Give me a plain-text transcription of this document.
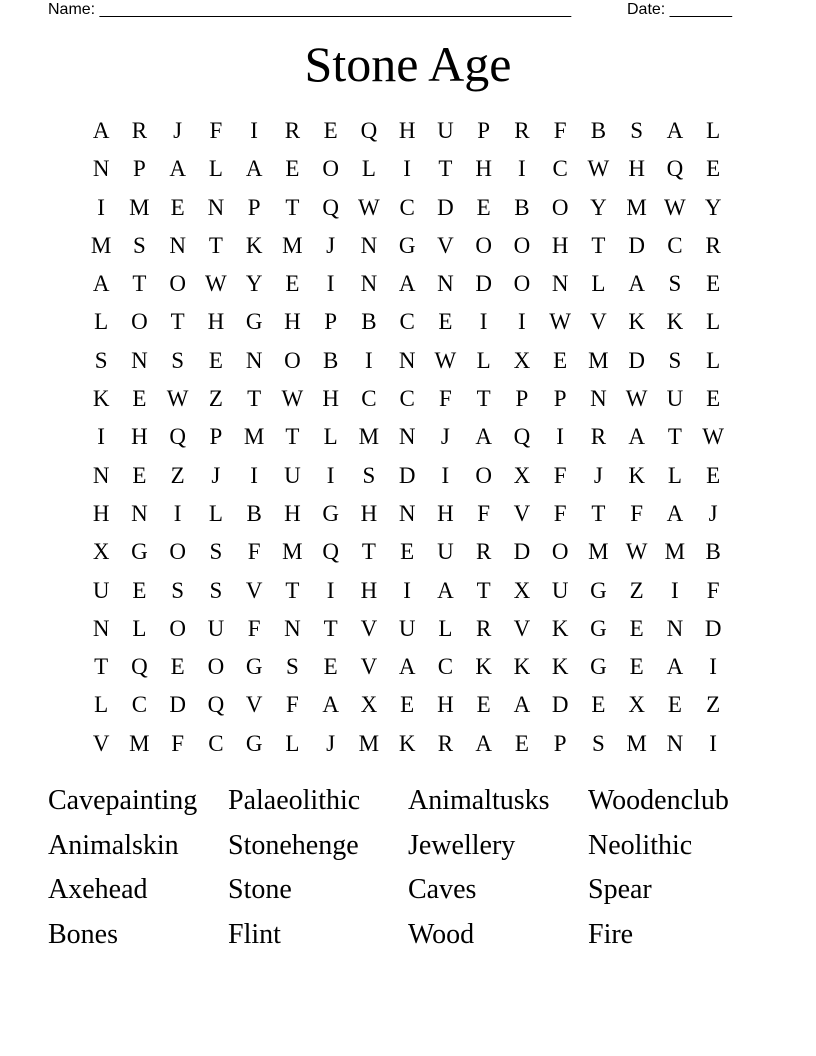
Name: _____________________________________________________	Date: _______
Stone Age
A R	J	F	I	R	E Q H U	P	R	F	B	S	A L
N	P	A L A E O L	I	T H	I	C W H Q E
I	M E N	P	T Q W C D E	B O Y M W Y
M S	N T K M	J	N G V O O H T D C R
A T O W Y E	I	N A N D O N L A	S	E
L O T H G H	P	B C	E	I	I	W V K K L
S	N	S	E N O B	I	N W L X E M D	S	L
K E W Z	T W H C C	F	T	P	P	N W U E
I	H Q	P M T	L M N	J	A Q	I	R A T W
N E	Z	J	I	U	I	S	D	I	O X	F	J	K L	E
H N	I	L	B H G H N H	F	V	F	T	F	A	J
X G O	S	F M Q T	E U R D O M W M B
U E	S	S	V T	I	H	I	A T X U G Z	I	F
N L O U	F	N T V U L	R V K G E N D
T Q E O G	S	E V A C K K K G E A	I
L	C D Q V	F	A X E H E A D E X E	Z
V M F	C G L	J	M K R A E	P	S M N	I
Cavepainting	Palaeolithic	Animaltusks	Woodenclub
Animalskin	Stonehenge	Jewellery	Neolithic
Axehead	Stone	Caves	Spear
Bones	Flint	Wood	Fire
